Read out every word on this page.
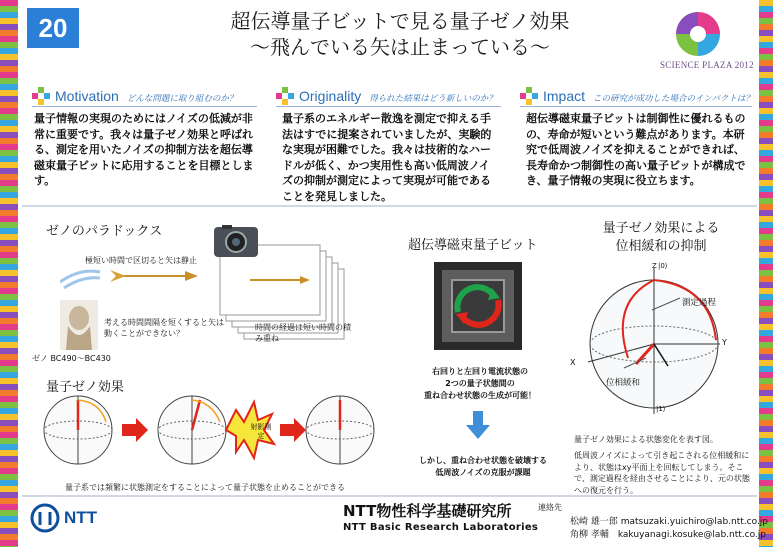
20	超伝導量子ビットで見る量子ゼノ効果
～飛んでいる矢は止まっている～
SCIENCE PLAZA 2012
Motivation どんな問題に取り組むのか？
量子情報の実現のためにはノイズの低減が非常に重要です。我々は量子ゼノ効果と呼ばれる、測定を用いたノイズの抑制方法を超伝導磁束量子ビットに応用することを目標とします。
Originality 得られた結果はどう新しいのか？
量子系のエネルギー散逸を測定で抑える手法はすでに提案されていましたが、実験的な実現が困難でした。我々は技術的なハードルが低く、かつ実用性も高い低周波ノイズの抑制が測定によって実現が可能であることを発見しました。
Impact この研究が成功した場合のインパクトは？
超伝導磁束量子ビットは制御性に優れるものの、寿命が短いという難点があります。本研究で低周波ノイズを抑えることができれば、長寿命かつ制御性の高い量子ビットが構成でき、量子情報の実現に役立ちます。
ゼノのパラドックス
極短い時間で区切ると矢は静止
考える時間間隔を短くすると矢は動くことができない？
ゼノ BC490～BC430
時間の経過は短い時間の積み重ね
量子ゼノ効果
射影測定
量子系では頻繁に状態測定をすることによって量子状態を止めることができる
超伝導磁束量子ビット
右回りと左回り電流状態の
2つの量子状態間の
重ね合わせ状態の生成が可能！
しかし、重ね合わせ状態を破壊する
低周波ノイズの克服が課題
量子ゼノ効果による
位相緩和の抑制
Z |0⟩
X
Y
|1⟩
測定過程
位相緩和
量子ゼノ効果による状態変化を表す図。
低周波ノイズによって引き起こされる位相緩和により、状態はxy平面上を回転してしまう。そこで、測定過程を経由させることにより、元の状態への復元を行う。
NTT	NTT物性科学基礎研究所
NTT Basic Research Laboratories
連絡先
松崎 雄一郎 matsuzaki.yuichiro@lab.ntt.co.jp
角柳 孝輔　kakuyanagi.kosuke@lab.ntt.co.jp
